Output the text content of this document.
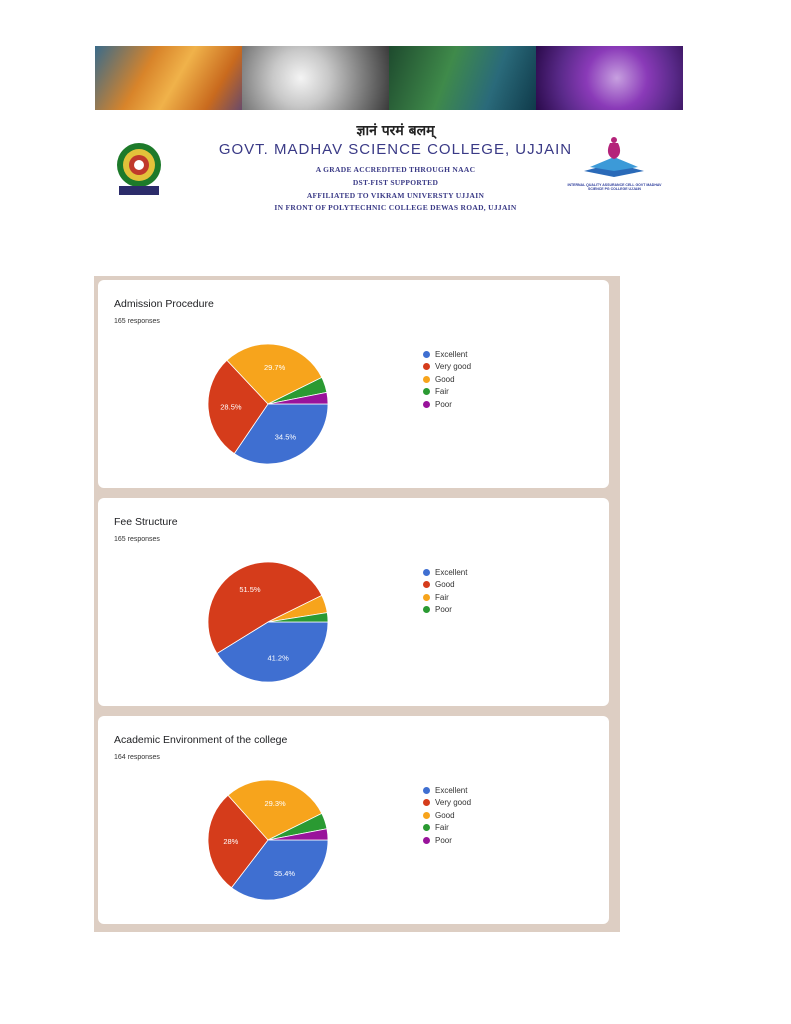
ज्ञानं परमं बलम्
GOVT. MADHAV SCIENCE COLLEGE, UJJAIN
A GRADE ACCREDITED THROUGH NAAC
DST-FIST SUPPORTED
AFFILIATED TO VIKRAM UNIVERSTY UJJAIN
IN FRONT OF POLYTECHNIC COLLEGE DEWAS ROAD, UJJAIN
INTERNAL QUALITY ASSURANCE CELL GOVT MADHAV SCIENCE PG COLLEGE UJJAIN
Admission Procedure
165 responses
34.5%
28.5%
29.7%
Excellent
Very good
Good
Fair
Poor
Fee Structure
165 responses
41.2%
51.5%
Excellent
Good
Fair
Poor
Academic Environment of the college
164 responses
35.4%
28%
29.3%
Excellent
Very good
Good
Fair
Poor
